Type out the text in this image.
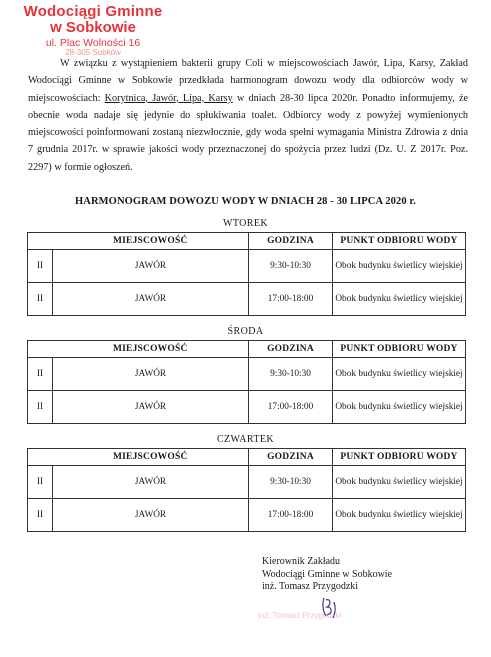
Wodociągi Gminne
w Sobkowie
ul. Plac Wolności 16
28-305 Sobków

W związku z wystąpieniem bakterii grupy Coli w miejscowościach Jawór, Lipa, Karsy, Zakład Wodociągi Gminne w Sobkowie przedkłada harmonogram dowozu wody dla odbiorców wody w miejscowościach: Korytnica, Jawór, Lipa, Karsy w dniach 28-30 lipca 2020r. Ponadto informujemy, że obecnie woda nadaje się jedynie do spłukiwania toalet. Odbiorcy wody z powyżej wymienionych miejscowości poinformowani zostaną niezwłocznie, gdy woda spełni wymagania Ministra Zdrowia z dnia 7 grudnia 2017r. w sprawie jakości wody przeznaczonej do spożycia przez ludzi (Dz. U. Z 2017r. Poz. 2297) w formie ogłoszeń.

HARMONOGRAM DOWOZU WODY W DNIACH 28 - 30 LIPCA 2020 r.
WTOREK
	MIEJSCOWOŚĆ	GODZINA	PUNKT ODBIORU WODY
II	JAWÓR	9:30-10:30	Obok budynku świetlicy wiejskiej
II	JAWÓR	17:00-18:00	Obok budynku świetlicy wiejskiej
ŚRODA
	MIEJSCOWOŚĆ	GODZINA	PUNKT ODBIORU WODY
II	JAWÓR	9:30-10:30	Obok budynku świetlicy wiejskiej
II	JAWÓR	17:00-18:00	Obok budynku świetlicy wiejskiej
CZWARTEK
	MIEJSCOWOŚĆ	GODZINA	PUNKT ODBIORU WODY
II	JAWÓR	9:30-10:30	Obok budynku świetlicy wiejskiej
II	JAWÓR	17:00-18:00	Obok budynku świetlicy wiejskiej
Kierownik Zakładu
Wodociągi Gminne w Sobkowie
inż. Tomasz Przygodzki
inż. Tomasz Przygodzki
